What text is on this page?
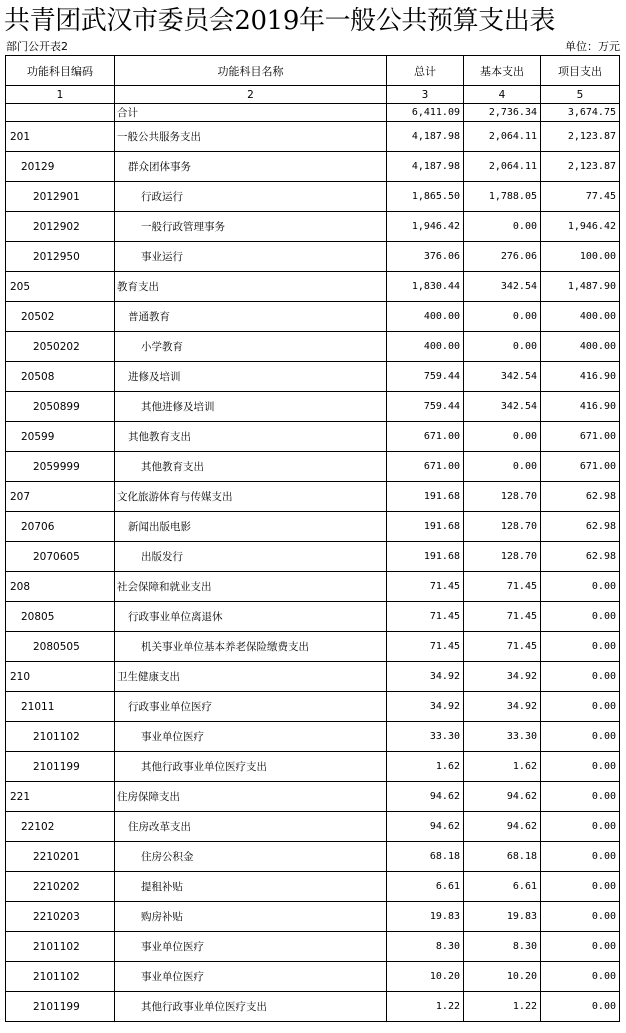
共青团武汉市委员会2019年一般公共预算支出表
部门公开表2	单位：万元
功能科目编码	功能科目名称	总计	基本支出	项目支出
1	2	3	4	5
	合计	6,411.09	2,736.34	3,674.75
201	一般公共服务支出	4,187.98	2,064.11	2,123.87
20129	群众团体事务	4,187.98	2,064.11	2,123.87
2012901	行政运行	1,865.50	1,788.05	77.45
2012902	一般行政管理事务	1,946.42	0.00	1,946.42
2012950	事业运行	376.06	276.06	100.00
205	教育支出	1,830.44	342.54	1,487.90
20502	普通教育	400.00	0.00	400.00
2050202	小学教育	400.00	0.00	400.00
20508	进修及培训	759.44	342.54	416.90
2050899	其他进修及培训	759.44	342.54	416.90
20599	其他教育支出	671.00	0.00	671.00
2059999	其他教育支出	671.00	0.00	671.00
207	文化旅游体育与传媒支出	191.68	128.70	62.98
20706	新闻出版电影	191.68	128.70	62.98
2070605	出版发行	191.68	128.70	62.98
208	社会保障和就业支出	71.45	71.45	0.00
20805	行政事业单位离退休	71.45	71.45	0.00
2080505	机关事业单位基本养老保险缴费支出	71.45	71.45	0.00
210	卫生健康支出	34.92	34.92	0.00
21011	行政事业单位医疗	34.92	34.92	0.00
2101102	事业单位医疗	33.30	33.30	0.00
2101199	其他行政事业单位医疗支出	1.62	1.62	0.00
221	住房保障支出	94.62	94.62	0.00
22102	住房改革支出	94.62	94.62	0.00
2210201	住房公积金	68.18	68.18	0.00
2210202	提租补贴	6.61	6.61	0.00
2210203	购房补贴	19.83	19.83	0.00
2101102	事业单位医疗	8.30	8.30	0.00
2101102	事业单位医疗	10.20	10.20	0.00
2101199	其他行政事业单位医疗支出	1.22	1.22	0.00
